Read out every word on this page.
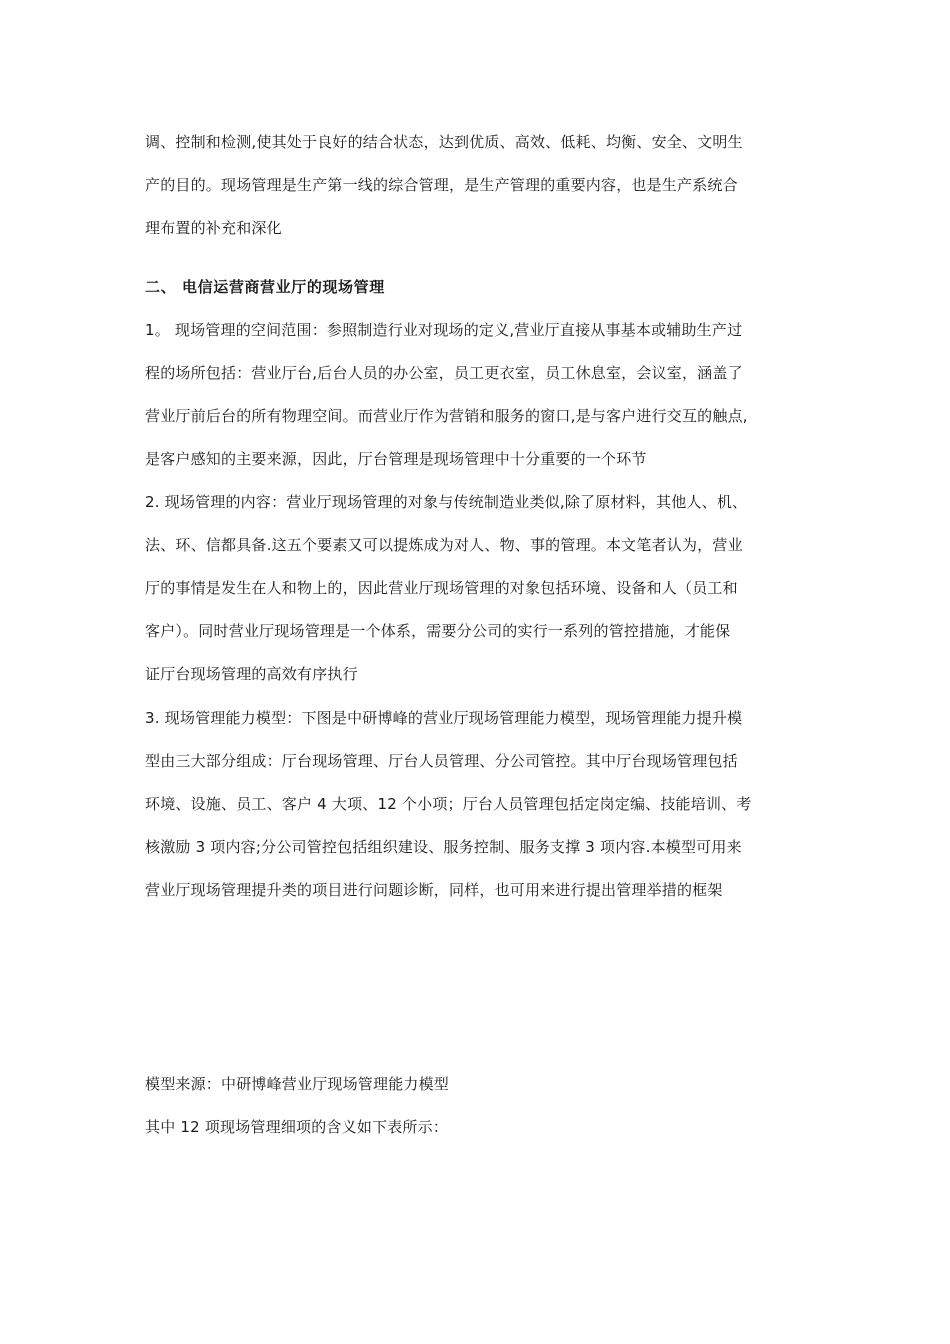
调、控制和检测,使其处于良好的结合状态，达到优质、高效、低耗、均衡、安全、文明生
产的目的。现场管理是生产第一线的综合管理，是生产管理的重要内容，也是生产系统合
理布置的补充和深化
二、 电信运营商营业厅的现场管理
1。 现场管理的空间范围：参照制造行业对现场的定义,营业厅直接从事基本或辅助生产过
程的场所包括：营业厅台,后台人员的办公室，员工更衣室，员工休息室，会议室，涵盖了
营业厅前后台的所有物理空间。而营业厅作为营销和服务的窗口,是与客户进行交互的触点,
是客户感知的主要来源，因此，厅台管理是现场管理中十分重要的一个环节
2. 现场管理的内容：营业厅现场管理的对象与传统制造业类似,除了原材料，其他人、机、
法、环、信都具备.这五个要素又可以提炼成为对人、物、事的管理。本文笔者认为，营业
厅的事情是发生在人和物上的，因此营业厅现场管理的对象包括环境、设备和人（员工和
客户）。同时营业厅现场管理是一个体系，需要分公司的实行一系列的管控措施，才能保
证厅台现场管理的高效有序执行
3. 现场管理能力模型：下图是中研博峰的营业厅现场管理能力模型，现场管理能力提升模
型由三大部分组成：厅台现场管理、厅台人员管理、分公司管控。其中厅台现场管理包括
环境、设施、员工、客户 4 大项、12 个小项；厅台人员管理包括定岗定编、技能培训、考
核激励 3 项内容;分公司管控包括组织建设、服务控制、服务支撑 3 项内容.本模型可用来
营业厅现场管理提升类的项目进行问题诊断，同样，也可用来进行提出管理举措的框架
模型来源：中研博峰营业厅现场管理能力模型
其中 12 项现场管理细项的含义如下表所示：
